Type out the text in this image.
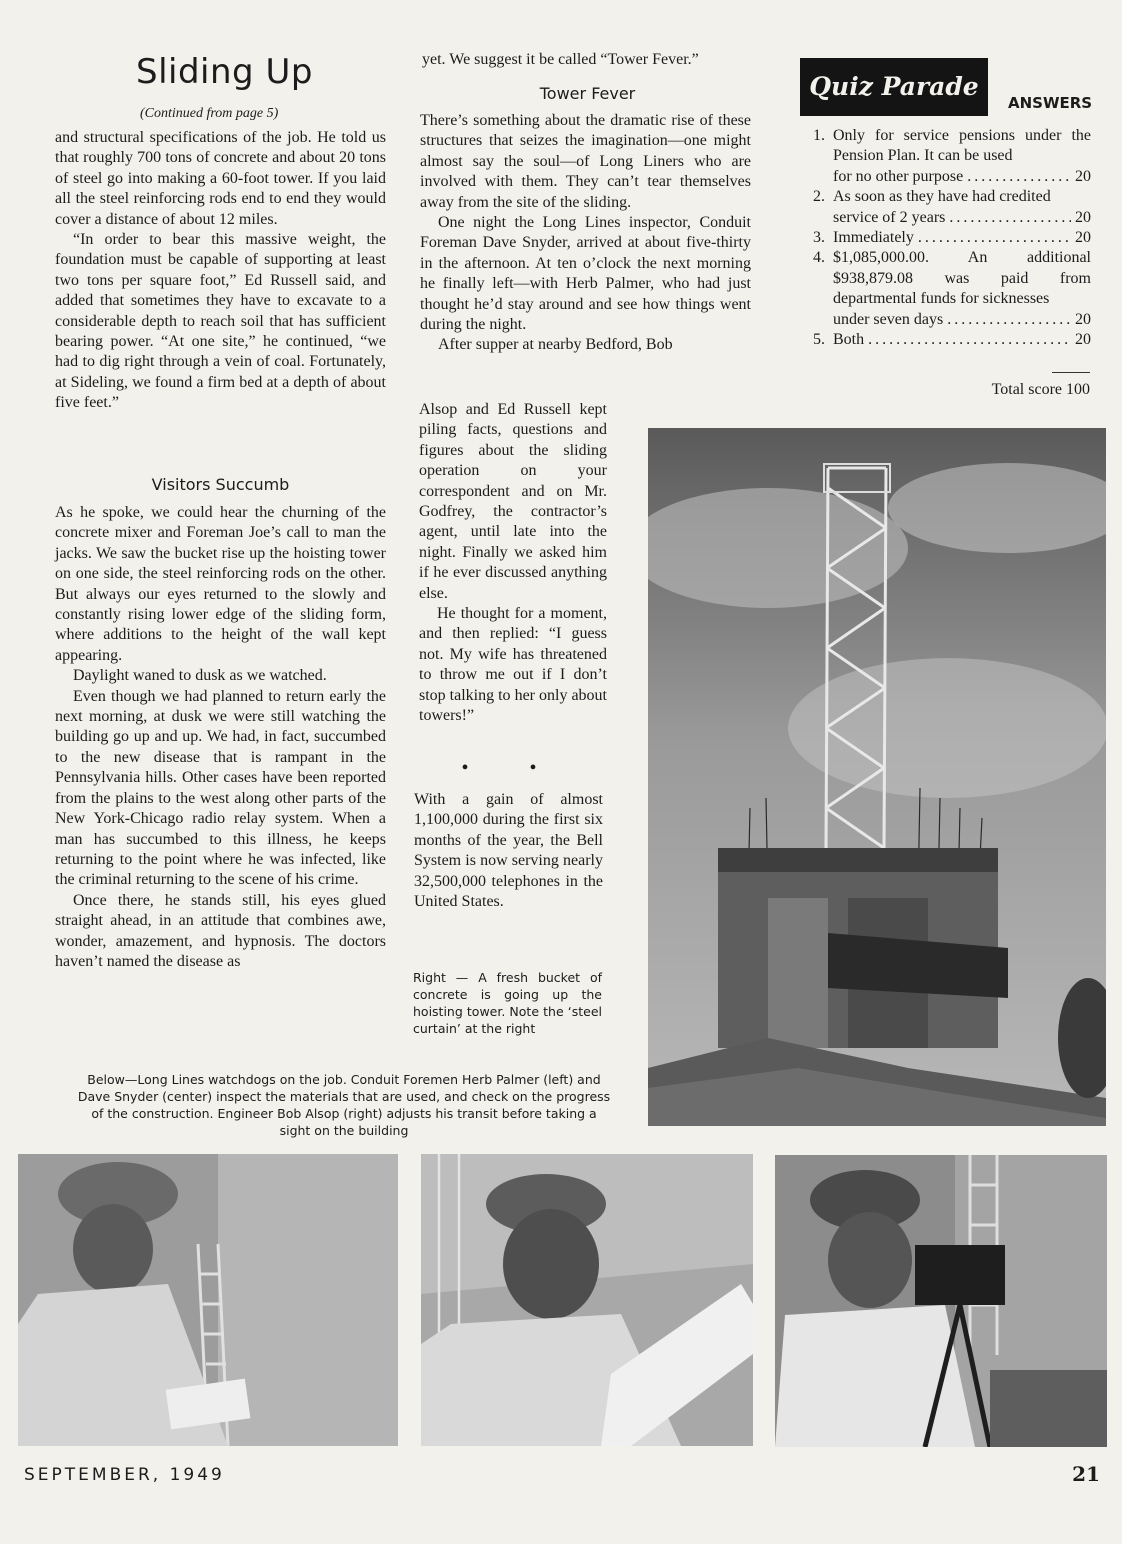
Sliding Up
(Continued from page 5)

and structural specifications of the job. He told us that roughly 700 tons of concrete and about 20 tons of steel go into making a 60-foot tower. If you laid all the steel reinforcing rods end to end they would cover a distance of about 12 miles.

“In order to bear this massive weight, the foundation must be capable of supporting at least two tons per square foot,” Ed Russell said, and added that sometimes they have to excavate to a considerable depth to reach soil that has sufficient bearing power. “At one site,” he continued, “we had to dig right through a vein of coal. Fortunately, at Sideling, we found a firm bed at a depth of about five feet.”

Visitors Succumb

As he spoke, we could hear the churning of the concrete mixer and Foreman Joe’s call to man the jacks. We saw the bucket rise up the hoisting tower on one side, the steel reinforcing rods on the other. But always our eyes returned to the slowly and constantly rising lower edge of the sliding form, where additions to the height of the wall kept appearing.

Daylight waned to dusk as we watched.

Even though we had planned to return early the next morning, at dusk we were still watching the building go up and up. We had, in fact, succumbed to the new disease that is rampant in the Pennsylvania hills. Other cases have been reported from the plains to the west along other parts of the New York-Chicago radio relay system. When a man has succumbed to this illness, he keeps returning to the point where he was infected, like the criminal returning to the scene of his crime.

Once there, he stands still, his eyes glued straight ahead, in an attitude that combines awe, wonder, amazement, and hypnosis. The doctors haven’t named the disease as

yet. We suggest it be called “Tower Fever.”
Tower Fever

There’s something about the dramatic rise of these structures that seizes the imagination—one might almost say the soul—of Long Liners who are involved with them. They can’t tear themselves away from the site of the sliding.

One night the Long Lines inspector, Conduit Foreman Dave Snyder, arrived at about five-thirty in the afternoon. At ten o’clock the next morning he finally left—with Herb Palmer, who had just thought he’d stay around and see how things went during the night.

After supper at nearby Bedford, Bob

Alsop and Ed Russell kept piling facts, questions and figures about the sliding operation on your correspondent and on Mr. Godfrey, the contractor’s agent, until late into the night. Finally we asked him if he ever discussed anything else.

He thought for a moment, and then replied: “I guess not. My wife has threatened to throw me out if I don’t stop talking to her only about towers!”

• •

With a gain of almost 1,100,000 during the first six months of the year, the Bell System is now serving nearly 32,500,000 telephones in the United States.

Right — A fresh bucket of concrete is going up the hoisting tower. Note the ‘steel curtain’ at the right
Quiz Parade
ANSWERS
1. Only for service pensions under the Pension Plan. It can be used
for no other purpose .....	20
2. As soon as they have had credited
service of 2 years .....	20
3. Immediately .....	20
4. $1,085,000.00. An additional $938,879.08 was paid from departmental funds for sicknesses
under seven days .....	20
5. Both .....	20
Total score 100
Below—Long Lines watchdogs on the job. Conduit Foremen Herb Palmer (left) and Dave Snyder (center) inspect the materials that are used, and check on the progress of the construction. Engineer Bob Alsop (right) adjusts his transit before taking a sight on the building
SEPTEMBER, 1949	21
